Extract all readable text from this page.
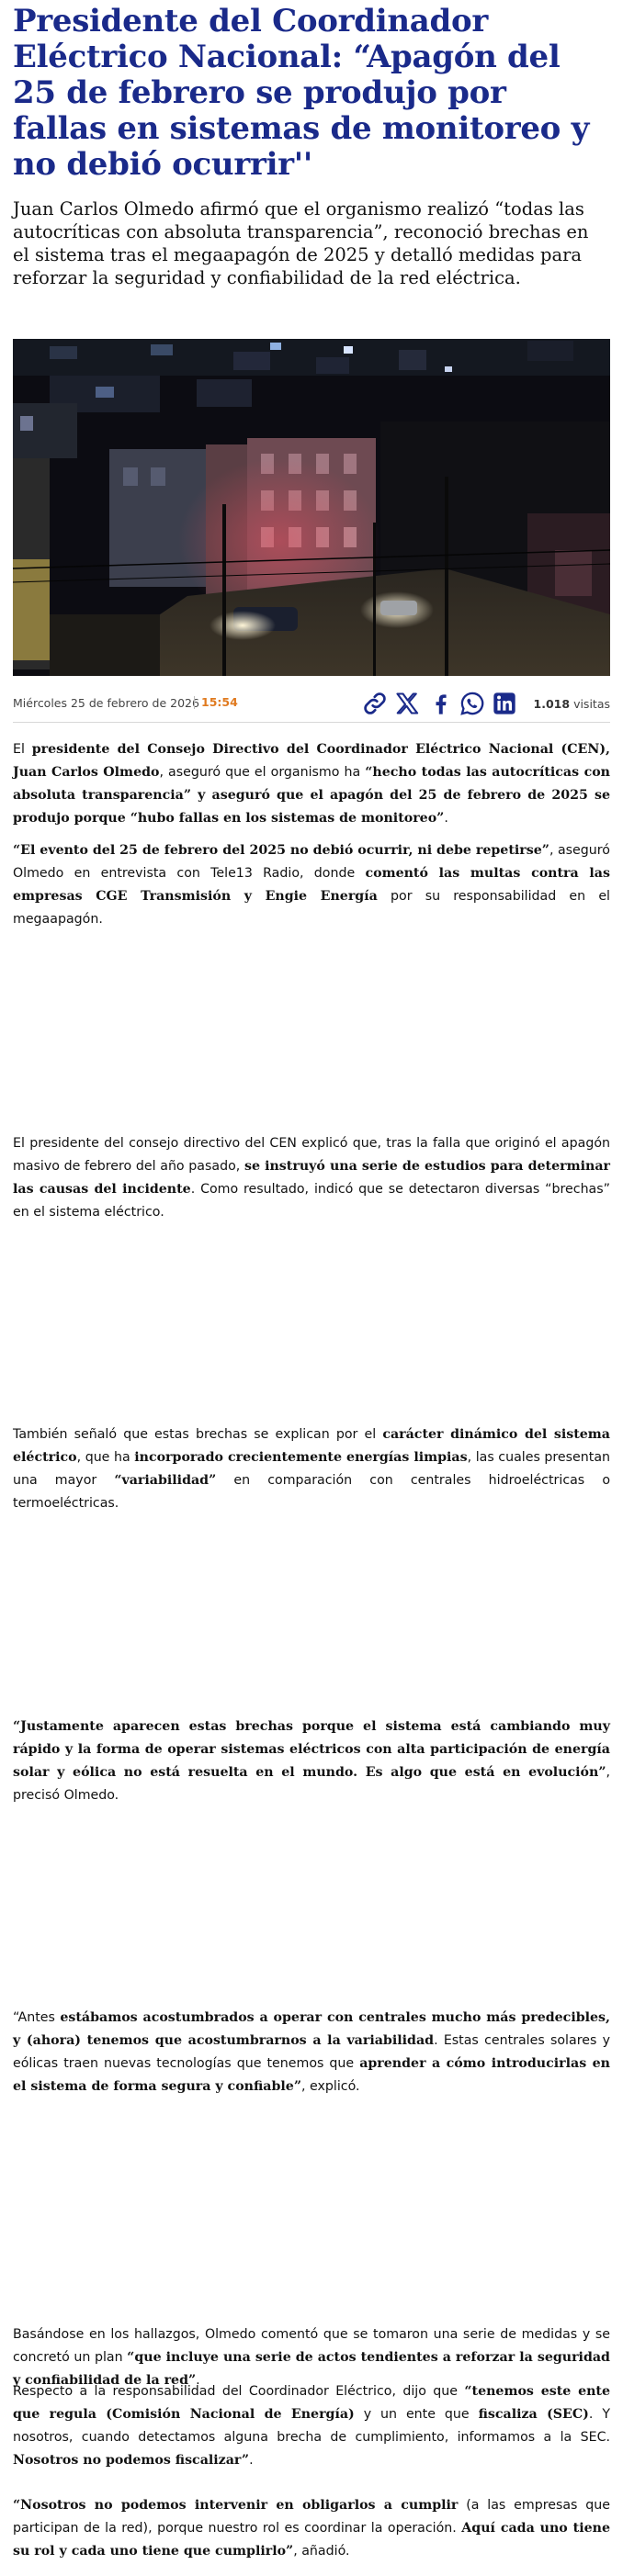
Presidente del Coordinador Eléctrico Nacional: “Apagón del 25 de febrero se produjo por fallas en sistemas de monitoreo y no debió ocurrir''

Juan Carlos Olmedo afirmó que el organismo realizó “todas las autocríticas con absoluta transparencia”, reconoció brechas en el sistema tras el megaapagón de 2025 y detalló medidas para reforzar la seguridad y confiabilidad de la red eléctrica.

Miércoles 25 de febrero de 2026 15:54	1.018 visitas

El presidente del Consejo Directivo del Coordinador Eléctrico Nacional (CEN), Juan Carlos Olmedo, aseguró que el organismo ha “hecho todas las autocríticas con absoluta transparencia” y aseguró que el apagón del 25 de febrero de 2025 se produjo porque “hubo fallas en los sistemas de monitoreo”.

“El evento del 25 de febrero del 2025 no debió ocurrir, ni debe repetirse”, aseguró Olmedo en entrevista con Tele13 Radio, donde comentó las multas contra las empresas CGE Transmisión y Engie Energía por su responsabilidad en el megaapagón.

El presidente del consejo directivo del CEN explicó que, tras la falla que originó el apagón masivo de febrero del año pasado, se instruyó una serie de estudios para determinar las causas del incidente. Como resultado, indicó que se detectaron diversas “brechas” en el sistema eléctrico.

También señaló que estas brechas se explican por el carácter dinámico del sistema eléctrico, que ha incorporado crecientemente energías limpias, las cuales presentan una mayor “variabilidad” en comparación con centrales hidroeléctricas o termoeléctricas.

“Justamente aparecen estas brechas porque el sistema está cambiando muy rápido y la forma de operar sistemas eléctricos con alta participación de energía solar y eólica no está resuelta en el mundo. Es algo que está en evolución”, precisó Olmedo.

“Antes estábamos acostumbrados a operar con centrales mucho más predecibles, y (ahora) tenemos que acostumbrarnos a la variabilidad. Estas centrales solares y eólicas traen nuevas tecnologías que tenemos que aprender a cómo introducirlas en el sistema de forma segura y confiable”, explicó.

Basándose en los hallazgos, Olmedo comentó que se tomaron una serie de medidas y se concretó un plan “que incluye una serie de actos tendientes a reforzar la seguridad y confiabilidad de la red”.

Respecto a la responsabilidad del Coordinador Eléctrico, dijo que “tenemos este ente que regula (Comisión Nacional de Energía) y un ente que fiscaliza (SEC). Y nosotros, cuando detectamos alguna brecha de cumplimiento, informamos a la SEC. Nosotros no podemos fiscalizar”.

“Nosotros no podemos intervenir en obligarlos a cumplir (a las empresas que participan de la red), porque nuestro rol es coordinar la operación. Aquí cada uno tiene su rol y cada uno tiene que cumplirlo”, añadió.
